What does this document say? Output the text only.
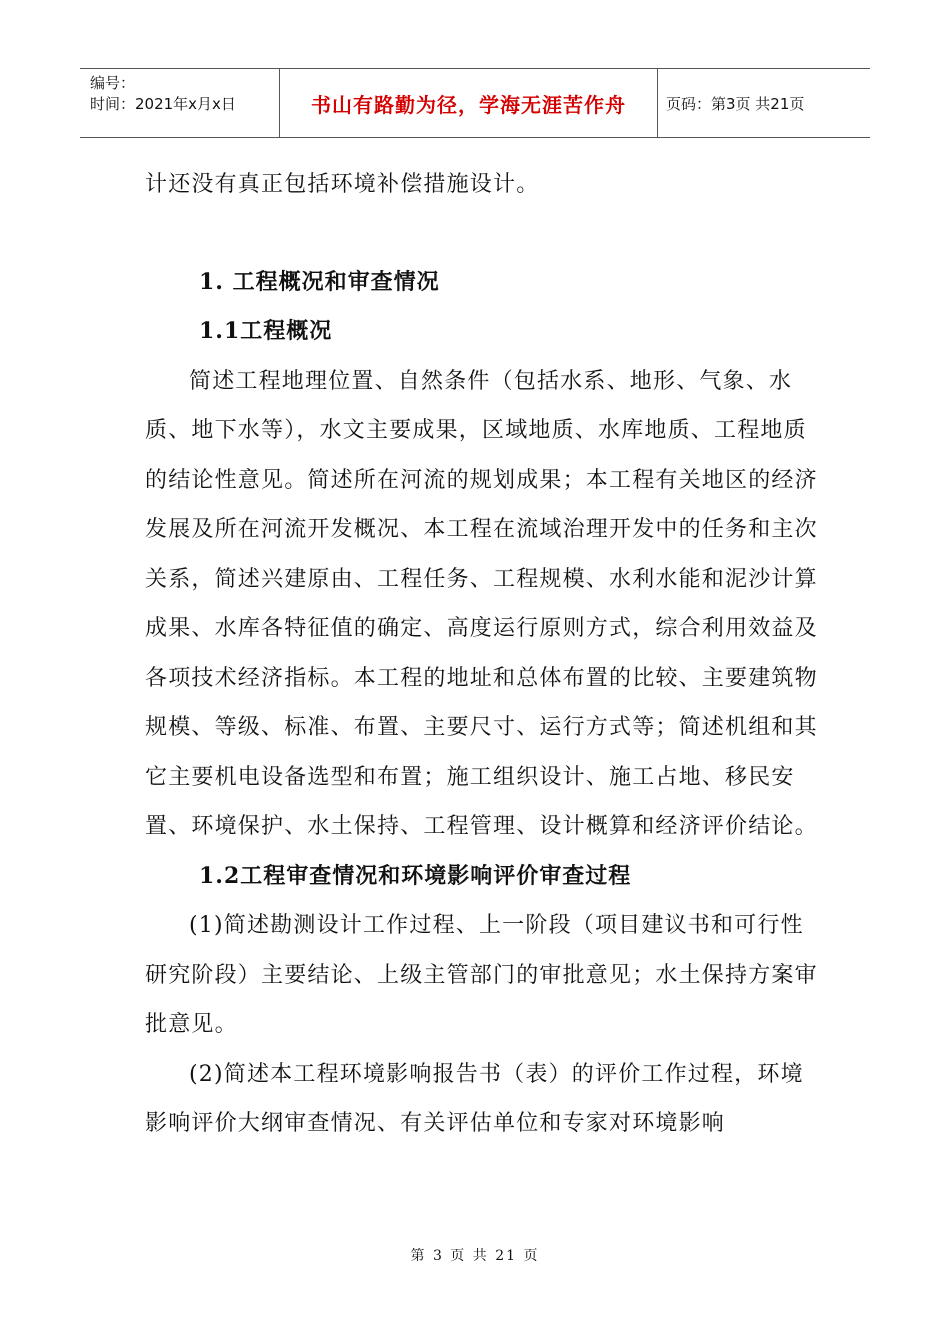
编号：
时间：2021年x月x日	书山有路勤为径，学海无涯苦作舟	页码：第3页 共21页

计还没有真正包括环境补偿措施设计。

1. 工程概况和审查情况
1.1工程概况

简述工程地理位置、自然条件（包括水系、地形、气象、水质、地下水等），水文主要成果，区域地质、水库地质、工程地质的结论性意见。简述所在河流的规划成果；本工程有关地区的经济发展及所在河流开发概况、本工程在流域治理开发中的任务和主次关系，简述兴建原由、工程任务、工程规模、水利水能和泥沙计算成果、水库各特征值的确定、高度运行原则方式，综合利用效益及各项技术经济指标。本工程的地址和总体布置的比较、主要建筑物规模、等级、标准、布置、主要尺寸、运行方式等；简述机组和其它主要机电设备选型和布置；施工组织设计、施工占地、移民安置、环境保护、水土保持、工程管理、设计概算和经济评价结论。

1.2工程审查情况和环境影响评价审查过程

(1)简述勘测设计工作过程、上一阶段（项目建议书和可行性研究阶段）主要结论、上级主管部门的审批意见；水土保持方案审批意见。

(2)简述本工程环境影响报告书（表）的评价工作过程，环境影响评价大纲审查情况、有关评估单位和专家对环境影响

第 3 页 共 21 页
